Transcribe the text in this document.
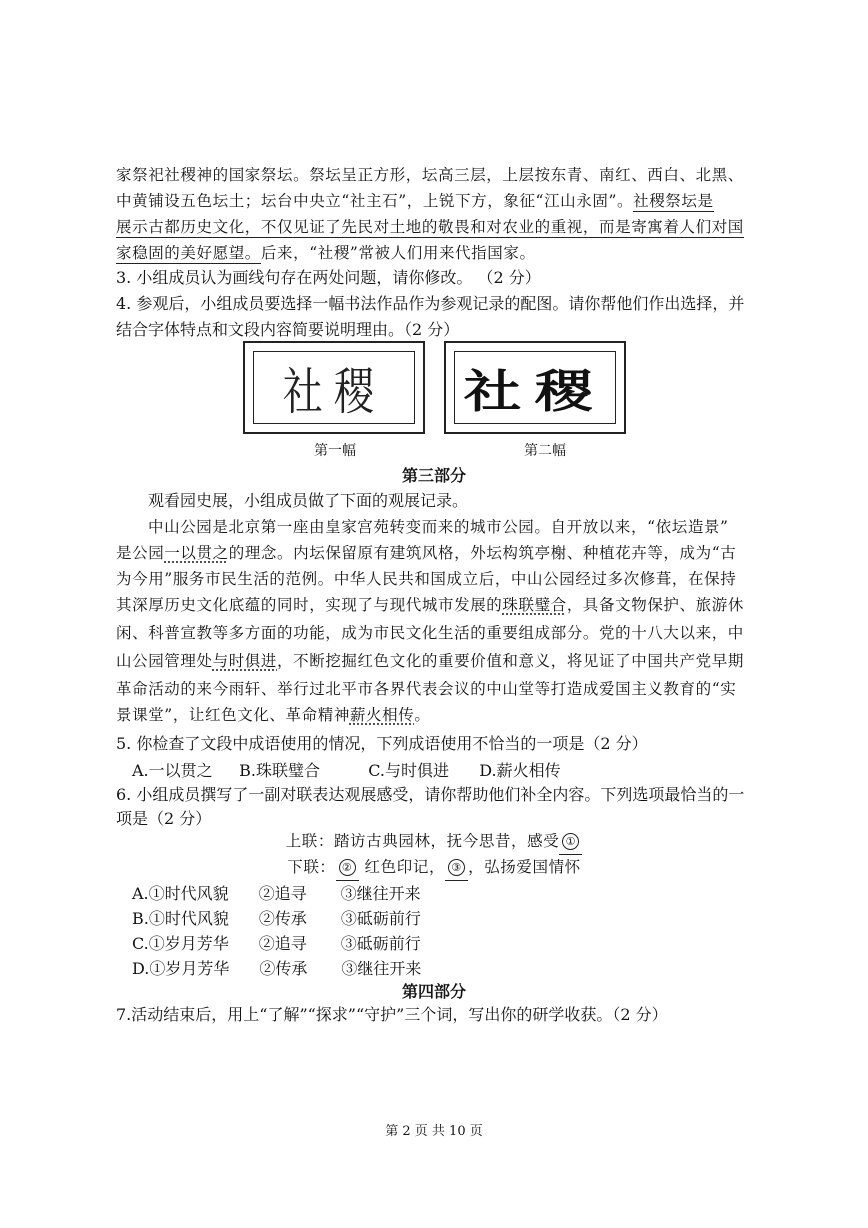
家祭祀社稷神的国家祭坛。祭坛呈正方形，坛高三层，上层按东青、南红、西白、北黑、
中黄铺设五色坛土；坛台中央立“社主石”，上锐下方，象征“江山永固”。社稷祭坛是
展示古都历史文化，不仅见证了先民对土地的敬畏和对农业的重视，而是寄寓着人们对国
家稳固的美好愿望。后来，“社稷”常被人们用来代指国家。
3. 小组成员认为画线句存在两处问题，请你修改。 （2 分）
4. 参观后，小组成员要选择一幅书法作品作为参观记录的配图。请你帮他们作出选择，并
结合字体特点和文段内容简要说明理由。（2 分）
社稷 社稷
第一幅	第二幅
第三部分
观看园史展，小组成员做了下面的观展记录。
中山公园是北京第一座由皇家宫苑转变而来的城市公园。自开放以来，“依坛造景”
是公园一以贯之的理念。内坛保留原有建筑风格，外坛构筑亭榭、种植花卉等，成为“古
为今用”服务市民生活的范例。中华人民共和国成立后，中山公园经过多次修葺，在保持
其深厚历史文化底蕴的同时，实现了与现代城市发展的珠联璧合，具备文物保护、旅游休
闲、科普宣教等多方面的功能，成为市民文化生活的重要组成部分。党的十八大以来，中
山公园管理处与时俱进，不断挖掘红色文化的重要价值和意义，将见证了中国共产党早期
革命活动的来今雨轩、举行过北平市各界代表会议的中山堂等打造成爱国主义教育的“实
景课堂”，让红色文化、革命精神薪火相传。
5. 你检查了文段中成语使用的情况，下列成语使用不恰当的一项是（2 分）
A.一以贯之 B.珠联璧合	C.与时俱进 D.薪火相传
6. 小组成员撰写了一副对联表达观展感受，请你帮助他们补全内容。下列选项最恰当的一
项是（2 分）
上联：踏访古典园林，抚今思昔，感受 ①
下联： ② 红色印记， ③ ，弘扬爱国情怀
A.①时代风貌 ②追寻 ③继往开来
B.①时代风貌 ②传承 ③砥砺前行
C.①岁月芳华 ②追寻 ③砥砺前行
D.①岁月芳华 ②传承 ③继往开来
第四部分
7.活动结束后，用上“了解”“探求”“守护”三个词，写出你的研学收获。（2 分）
第 2 页 共 10 页
